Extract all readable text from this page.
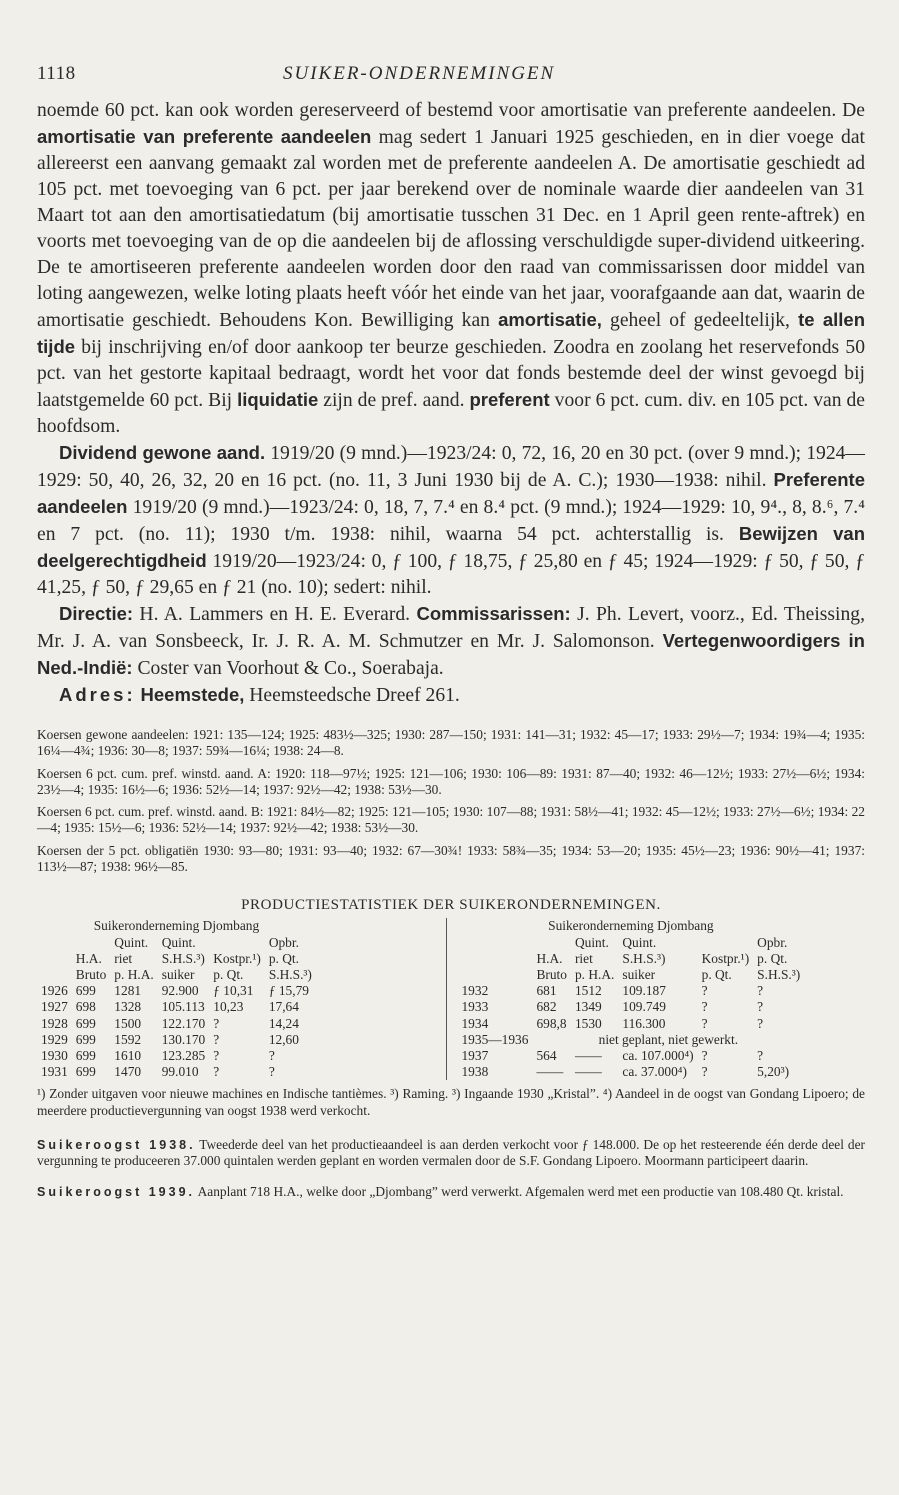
1118	SUIKER-ONDERNEMINGEN

noemde 60 pct. kan ook worden gereserveerd of bestemd voor amortisatie van preferente aandeelen. De amortisatie van preferente aandeelen mag sedert 1 Januari 1925 geschieden, en in dier voege dat allereerst een aanvang gemaakt zal worden met de preferente aandeelen A. De amortisatie geschiedt ad 105 pct. met toevoeging van 6 pct. per jaar berekend over de nominale waarde dier aandeelen van 31 Maart tot aan den amortisatiedatum (bij amortisatie tusschen 31 Dec. en 1 April geen rente-aftrek) en voorts met toevoeging van de op die aandeelen bij de aflossing verschuldigde super-dividend uitkeering. De te amortiseeren preferente aandeelen worden door den raad van commissarissen door middel van loting aangewezen, welke loting plaats heeft vóór het einde van het jaar, voorafgaande aan dat, waarin de amortisatie geschiedt. Behoudens Kon. Bewilliging kan amortisatie, geheel of gedeeltelijk, te allen tijde bij inschrijving en/of door aankoop ter beurze geschieden. Zoodra en zoolang het reservefonds 50 pct. van het gestorte kapitaal bedraagt, wordt het voor dat fonds bestemde deel der winst gevoegd bij laatstgemelde 60 pct. Bij liquidatie zijn de pref. aand. preferent voor 6 pct. cum. div. en 105 pct. van de hoofdsom.

Dividend gewone aand. 1919/20 (9 mnd.)—1923/24: 0, 72, 16, 20 en 30 pct. (over 9 mnd.); 1924—1929: 50, 40, 26, 32, 20 en 16 pct. (no. 11, 3 Juni 1930 bij de A. C.); 1930—1938: nihil. Preferente aandeelen 1919/20 (9 mnd.)—1923/24: 0, 18, 7, 7.⁴ en 8.⁴ pct. (9 mnd.); 1924—1929: 10, 9⁴., 8, 8.⁶, 7.⁴ en 7 pct. (no. 11); 1930 t/m. 1938: nihil, waarna 54 pct. achterstallig is. Bewijzen van deelgerechtigdheid 1919/20—1923/24: 0, ƒ 100, ƒ 18,75, ƒ 25,80 en ƒ 45; 1924—1929: ƒ 50, ƒ 50, ƒ 41,25, ƒ 50, ƒ 29,65 en ƒ 21 (no. 10); sedert: nihil.

Directie: H. A. Lammers en H. E. Everard. Commissarissen: J. Ph. Levert, voorz., Ed. Theissing, Mr. J. A. van Sonsbeeck, Ir. J. R. A. M. Schmutzer en Mr. J. Salomonson. Vertegenwoordigers in Ned.-Indië: Coster van Voorhout & Co., Soerabaja.

Adres: Heemstede, Heemsteedsche Dreef 261.

Koersen gewone aandeelen: 1921: 135—124; 1925: 483½—325; 1930: 287—150; 1931: 141—31; 1932: 45—17; 1933: 29½—7; 1934: 19¾—4; 1935: 16¼—4¾; 1936: 30—8; 1937: 59¾—16¼; 1938: 24—8.

Koersen 6 pct. cum. pref. winstd. aand. A: 1920: 118—97½; 1925: 121—106; 1930: 106—89: 1931: 87—40; 1932: 46—12½; 1933: 27½—6½; 1934: 23½—4; 1935: 16½—6; 1936: 52½—14; 1937: 92½—42; 1938: 53½—30.

Koersen 6 pct. cum. pref. winstd. aand. B: 1921: 84½—82; 1925: 121—105; 1930: 107—88; 1931: 58½—41; 1932: 45—12½; 1933: 27½—6½; 1934: 22—4; 1935: 15½—6; 1936: 52½—14; 1937: 92½—42; 1938: 53½—30.

Koersen der 5 pct. obligatiën 1930: 93—80; 1931: 93—40; 1932: 67—30¾! 1933: 58¾—35; 1934: 53—20; 1935: 45½—23; 1936: 90½—41; 1937: 113½—87; 1938: 96½—85.

PRODUCTIESTATISTIEK DER SUIKERONDERNEMINGEN.
Suikeronderneming Djombang					
		Quint.	Quint.		Opbr.
	H.A.	riet	S.H.S.³)	Kostpr.¹)	p. Qt.
	Bruto	p. H.A.	suiker	p. Qt.	S.H.S.³)
1926	699	1281	92.900	ƒ 10,31	ƒ 15,79
1927	698	1328	105.113	10,23	17,64
1928	699	1500	122.170	?	14,24
1929	699	1592	130.170	?	12,60
1930	699	1610	123.285	?	?
1931	699	1470	99.010	?	?
Suikeronderneming Djombang					
		Quint.	Quint.		Opbr.
	H.A.	riet	S.H.S.³)	Kostpr.¹)	p. Qt.
	Bruto	p. H.A.	suiker	p. Qt.	S.H.S.³)
1932	681	1512	109.187	?	?
1933	682	1349	109.749	?	?
1934	698,8	1530	116.300	?	?
1935—1936	niet geplant, niet gewerkt.				
1937	564	——	ca. 107.000⁴)	?	?
1938	——	——	ca. 37.000⁴)	?	5,20³)

¹) Zonder uitgaven voor nieuwe machines en Indische tantièmes. ³) Raming. ³) Ingaande 1930 „Kristal”. ⁴) Aandeel in de oogst van Gondang Lipoero; de meerdere productievergunning van oogst 1938 werd verkocht.

Suikeroogst 1938. Tweederde deel van het productieaandeel is aan derden verkocht voor ƒ 148.000. De op het resteerende één derde deel der vergunning te produceeren 37.000 quintalen werden geplant en worden vermalen door de S.F. Gondang Lipoero. Moormann participeert daarin.

Suikeroogst 1939. Aanplant 718 H.A., welke door „Djombang” werd verwerkt. Afgemalen werd met een productie van 108.480 Qt. kristal.
